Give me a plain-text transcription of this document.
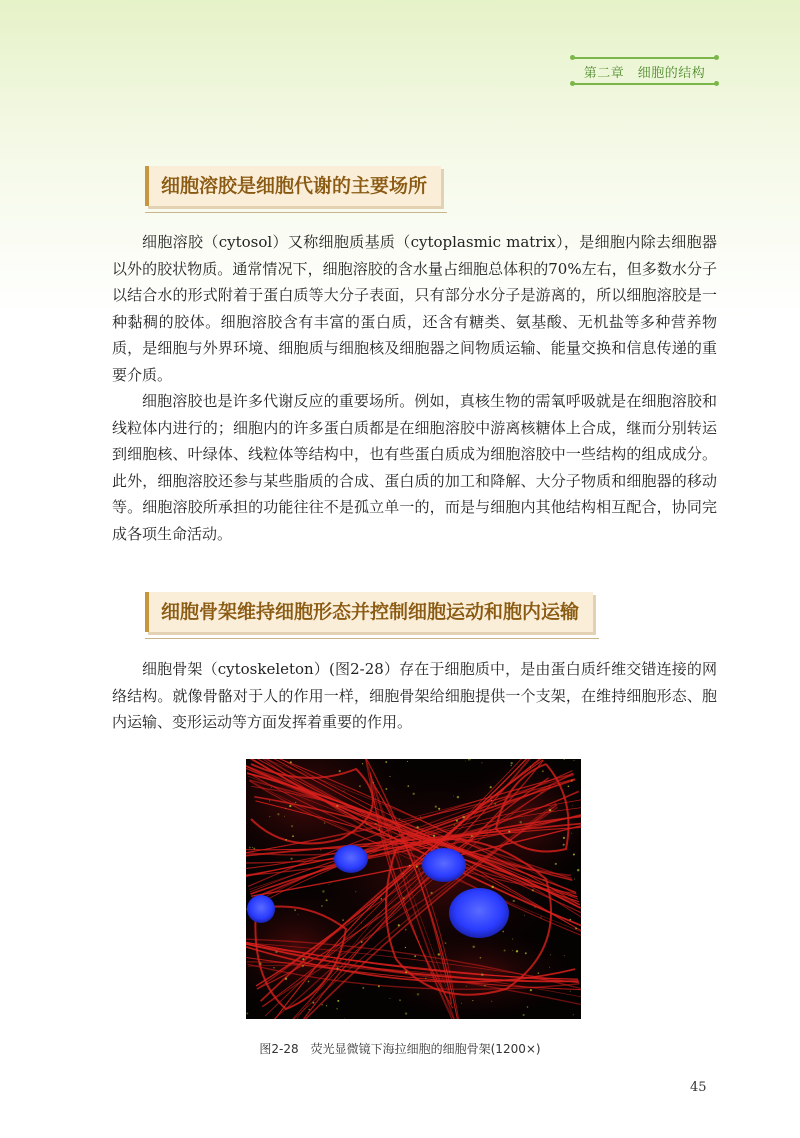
第二章　细胞的结构
细胞溶胶是细胞代谢的主要场所

细胞溶胶（cytosol）又称细胞质基质（cytoplasmic matrix），是细胞内除去细胞器以外的胶状物质。通常情况下，细胞溶胶的含水量占细胞总体积的70%左右，但多数水分子以结合水的形式附着于蛋白质等大分子表面，只有部分水分子是游离的，所以细胞溶胶是一种黏稠的胶体。细胞溶胶含有丰富的蛋白质，还含有糖类、氨基酸、无机盐等多种营养物质，是细胞与外界环境、细胞质与细胞核及细胞器之间物质运输、能量交换和信息传递的重要介质。

细胞溶胶也是许多代谢反应的重要场所。例如，真核生物的需氧呼吸就是在细胞溶胶和线粒体内进行的；细胞内的许多蛋白质都是在细胞溶胶中游离核糖体上合成，继而分别转运到细胞核、叶绿体、线粒体等结构中，也有些蛋白质成为细胞溶胶中一些结构的组成成分。此外，细胞溶胶还参与某些脂质的合成、蛋白质的加工和降解、大分子物质和细胞器的移动等。细胞溶胶所承担的功能往往不是孤立单一的，而是与细胞内其他结构相互配合，协同完成各项生命活动。

细胞骨架维持细胞形态并控制细胞运动和胞内运输

细胞骨架（cytoskeleton）(图2-28）存在于细胞质中，是由蛋白质纤维交错连接的网络结构。就像骨骼对于人的作用一样，细胞骨架给细胞提供一个支架，在维持细胞形态、胞内运输、变形运动等方面发挥着重要的作用。

图2-28　荧光显微镜下海拉细胞的细胞骨架(1200×)
45
